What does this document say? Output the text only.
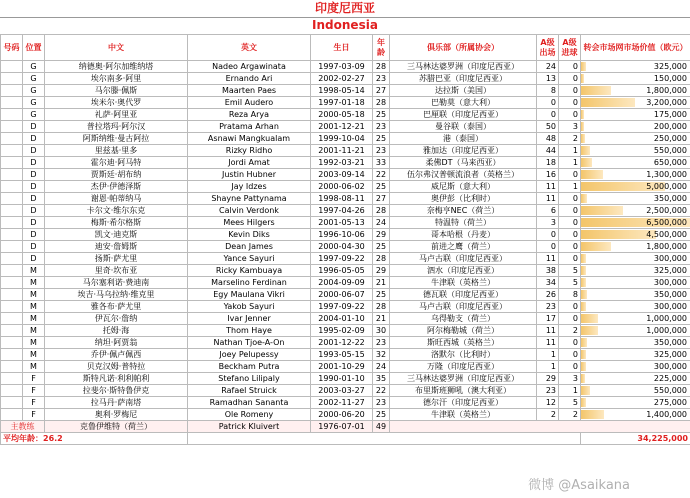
印度尼西亚
Indonesia
号码	位置	中文	英文	生日	年龄	俱乐部（所属协会）	A级出场	A级进球	转会市场网市场价值（欧元）
	G	纳德奥·阿尔加维纳塔	Nadeo Argawinata	1997-03-09	28	三马林达婆罗洲（印度尼西亚）	24	0	325,000
	G	埃尔南多·阿里	Ernando Ari	2002-02-27	23	苏腊巴亚（印度尼西亚）	13	0	150,000
	G	马尔滕·佩斯	Maarten Paes	1998-05-14	27	达拉斯（美国）	8	0	1,800,000
	G	埃米尔·奥代罗	Emil Audero	1997-01-18	28	巴勒莫（意大利）	0	0	3,200,000
	G	礼萨·阿里亚	Reza Arya	2000-05-18	25	巴厘联（印度尼西亚）	0	0	175,000
	D	普拉塔玛·阿尔汉	Pratama Arhan	2001-12-21	23	曼谷联（泰国）	50	3	200,000
	D	阿斯纳维·曼古阿拉	Asnawi Mangkualam	1999-10-04	25	港（泰国）	48	2	250,000
	D	里兹基·里多	Rizky Ridho	2001-11-21	23	雅加达（印度尼西亚）	44	1	550,000
	D	霍尔迪·阿马特	Jordi Amat	1992-03-21	33	柔佛DT（马来西亚）	18	1	650,000
	D	贾斯廷·胡布纳	Justin Hubner	2003-09-14	22	伍尔弗汉普顿流浪者（英格兰）	16	0	1,300,000
	D	杰伊·伊德泽斯	Jay Idzes	2000-06-02	25	威尼斯（意大利）	11	1	5,000,000
	D	谢恩·帕蒂纳马	Shayne Pattynama	1998-08-11	27	奥伊彭（比利时）	11	0	350,000
	D	卡尔文·维尔东克	Calvin Verdonk	1997-04-26	28	奈梅亨NEC（荷兰）	6	0	2,500,000
	D	梅斯·希尔格斯	Mees Hilgers	2001-05-13	24	特温特（荷兰）	3	0	6,500,000
	D	凯文·迪克斯	Kevin Diks	1996-10-06	29	哥本哈根（丹麦）	0	0	4,500,000
	D	迪安·詹姆斯	Dean James	2000-04-30	25	前进之鹰（荷兰）	0	0	1,800,000
	D	扬斯·萨尤里	Yance Sayuri	1997-09-22	28	马卢古联（印度尼西亚）	11	0	300,000
	M	里奇·坎布亚	Ricky Kambuaya	1996-05-05	29	泗水（印度尼西亚）	38	5	325,000
	M	马尔塞利诺·费迪南	Marselino Ferdinan	2004-09-09	21	牛津联（英格兰）	34	5	300,000
	M	埃吉·马乌拉纳·维克里	Egy Maulana Vikri	2000-06-07	25	德瓦联（印度尼西亚）	26	8	350,000
	M	雅各布·萨尤里	Yakob Sayuri	1997-09-22	28	马卢古联（印度尼西亚）	23	0	300,000
	M	伊瓦尔·詹纳	Ivar Jenner	2004-01-10	21	乌得勒支（荷兰）	17	0	1,000,000
	M	托姆·海	Thom Haye	1995-02-09	30	阿尔梅勒城（荷兰）	11	2	1,000,000
	M	纳坦·阿贾翁	Nathan Tjoe-A-On	2001-12-22	23	斯旺西城（英格兰）	11	0	350,000
	M	乔伊·佩卢佩西	Joey Pelupessy	1993-05-15	32	洛默尔（比利时）	1	0	325,000
	M	贝克汉姆·普特拉	Beckham Putra	2001-10-29	24	万隆（印度尼西亚）	1	0	300,000
	F	斯特凡诺·利利帕利	Stefano Lilipaly	1990-01-10	35	三马林达婆罗洲（印度尼西亚）	29	3	225,000
	F	拉斐尔·斯特鲁伊克	Rafael Struick	2003-03-27	22	布里斯班狮吼（澳大利亚）	23	1	550,000
	F	拉马丹·萨南塔	Ramadhan Sananta	2002-11-27	23	德尔汗（印度尼西亚）	12	5	275,000
	F	奥利·罗梅尼	Ole Romeny	2000-06-20	25	牛津联（英格兰）	2	2	1,400,000
主教练		克鲁伊维特（荷兰）	Patrick Kluivert	1976-07-01	49				
平均年龄：26.2									34,225,000
微博 @Asaikana
